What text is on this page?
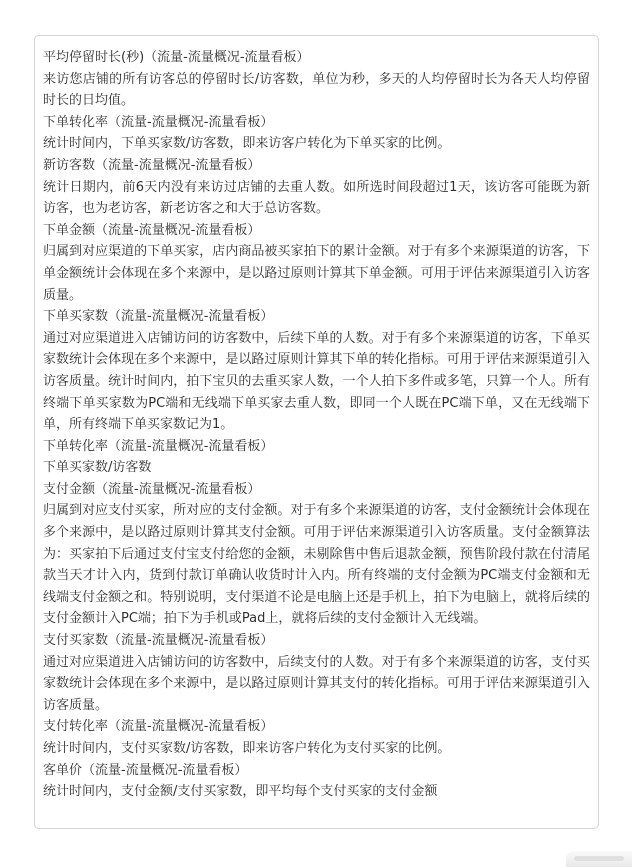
平均停留时长(秒)（流量-流量概况-流量看板）
来访您店铺的所有访客总的停留时长/访客数，单位为秒，多天的人均停留时长为各天人均停留时长的日均值。
下单转化率（流量-流量概况-流量看板）
统计时间内，下单买家数/访客数，即来访客户转化为下单买家的比例。
新访客数（流量-流量概况-流量看板）
统计日期内，前6天内没有来访过店铺的去重人数。如所选时间段超过1天，该访客可能既为新访客，也为老访客，新老访客之和大于总访客数。
下单金额（流量-流量概况-流量看板）
归属到对应渠道的下单买家，店内商品被买家拍下的累计金额。对于有多个来源渠道的访客，下单金额统计会体现在多个来源中，是以路过原则计算其下单金额。可用于评估来源渠道引入访客质量。
下单买家数（流量-流量概况-流量看板）
通过对应渠道进入店铺访问的访客数中，后续下单的人数。对于有多个来源渠道的访客，下单买家数统计会体现在多个来源中，是以路过原则计算其下单的转化指标。可用于评估来源渠道引入访客质量。统计时间内，拍下宝贝的去重买家人数，一个人拍下多件或多笔，只算一个人。所有终端下单买家数为PC端和无线端下单买家去重人数，即同一个人既在PC端下单，又在无线端下单，所有终端下单买家数记为1。
下单转化率（流量-流量概况-流量看板）
下单买家数/访客数
支付金额（流量-流量概况-流量看板）
归属到对应支付买家，所对应的支付金额。对于有多个来源渠道的访客，支付金额统计会体现在多个来源中，是以路过原则计算其支付金额。可用于评估来源渠道引入访客质量。支付金额算法为：买家拍下后通过支付宝支付给您的金额，未剔除售中售后退款金额，预售阶段付款在付清尾款当天才计入内，货到付款订单确认收货时计入内。所有终端的支付金额为PC端支付金额和无线端支付金额之和。特别说明，支付渠道不论是电脑上还是手机上，拍下为电脑上，就将后续的支付金额计入PC端；拍下为手机或Pad上，就将后续的支付金额计入无线端。
支付买家数（流量-流量概况-流量看板）
通过对应渠道进入店铺访问的访客数中，后续支付的人数。对于有多个来源渠道的访客，支付买家数统计会体现在多个来源中，是以路过原则计算其支付的转化指标。可用于评估来源渠道引入访客质量。
支付转化率（流量-流量概况-流量看板）
统计时间内，支付买家数/访客数，即来访客户转化为支付买家的比例。
客单价（流量-流量概况-流量看板）
统计时间内，支付金额/支付买家数，即平均每个支付买家的支付金额
